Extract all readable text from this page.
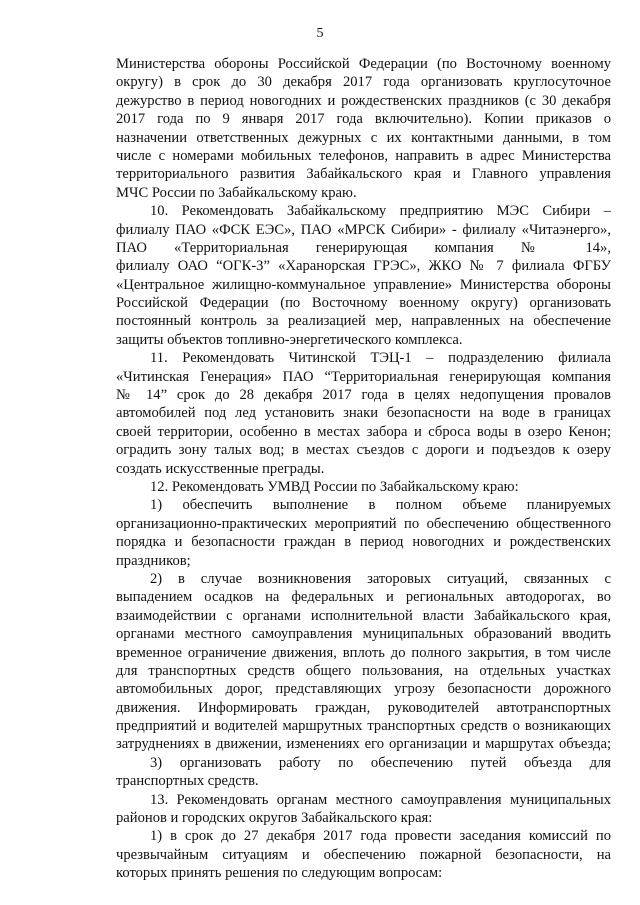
5
Министерства обороны Российской Федерации (по Восточному военному
округу) в срок до 30 декабря 2017 года организовать круглосуточное
дежурство в период новогодних и рождественских праздников (с 30 декабря
2017 года по 9 января 2017 года включительно). Копии приказов о
назначении ответственных дежурных с их контактными данными, в том
числе с номерами мобильных телефонов, направить в адрес Министерства
территориального развития Забайкальского края и Главного управления
МЧС России по Забайкальскому краю.
10. Рекомендовать Забайкальскому предприятию МЭС Сибири –
филиалу ПАО «ФСК ЕЭС», ПАО «МРСК Сибири» - филиалу «Читаэнерго»,
ПАО «Территориальная генерирующая компания № 14»,
филиалу ОАО “ОГК-3” «Харанорская ГРЭС», ЖКО № 7 филиала ФГБУ
«Центральное жилищно-коммунальное управление» Министерства обороны
Российской Федерации (по Восточному военному округу) организовать
постоянный контроль за реализацией мер, направленных на обеспечение
защиты объектов топливно-энергетического комплекса.
11. Рекомендовать Читинской ТЭЦ-1 – подразделению филиала
«Читинская Генерация» ПАО “Территориальная генерирующая компания
№ 14” срок до 28 декабря 2017 года в целях недопущения провалов
автомобилей под лед установить знаки безопасности на воде в границах
своей территории, особенно в местах забора и сброса воды в озеро Кенон;
оградить зону талых вод; в местах съездов с дороги и подъездов к озеру
создать искусственные преграды.
12. Рекомендовать УМВД России по Забайкальскому краю:
1) обеспечить выполнение в полном объеме планируемых
организационно-практических мероприятий по обеспечению общественного
порядка и безопасности граждан в период новогодних и рождественских
праздников;
2) в случае возникновения заторовых ситуаций, связанных с
выпадением осадков на федеральных и региональных автодорогах, во
взаимодействии с органами исполнительной власти Забайкальского края,
органами местного самоуправления муниципальных образований вводить
временное ограничение движения, вплоть до полного закрытия, в том числе
для транспортных средств общего пользования, на отдельных участках
автомобильных дорог, представляющих угрозу безопасности дорожного
движения. Информировать граждан, руководителей автотранспортных
предприятий и водителей маршрутных транспортных средств о возникающих
затруднениях в движении, изменениях его организации и маршрутах объезда;
3) организовать работу по обеспечению путей объезда для
транспортных средств.
13. Рекомендовать органам местного самоуправления муниципальных
районов и городских округов Забайкальского края:
1) в срок до 27 декабря 2017 года провести заседания комиссий по
чрезвычайным ситуациям и обеспечению пожарной безопасности, на
которых принять решения по следующим вопросам:
